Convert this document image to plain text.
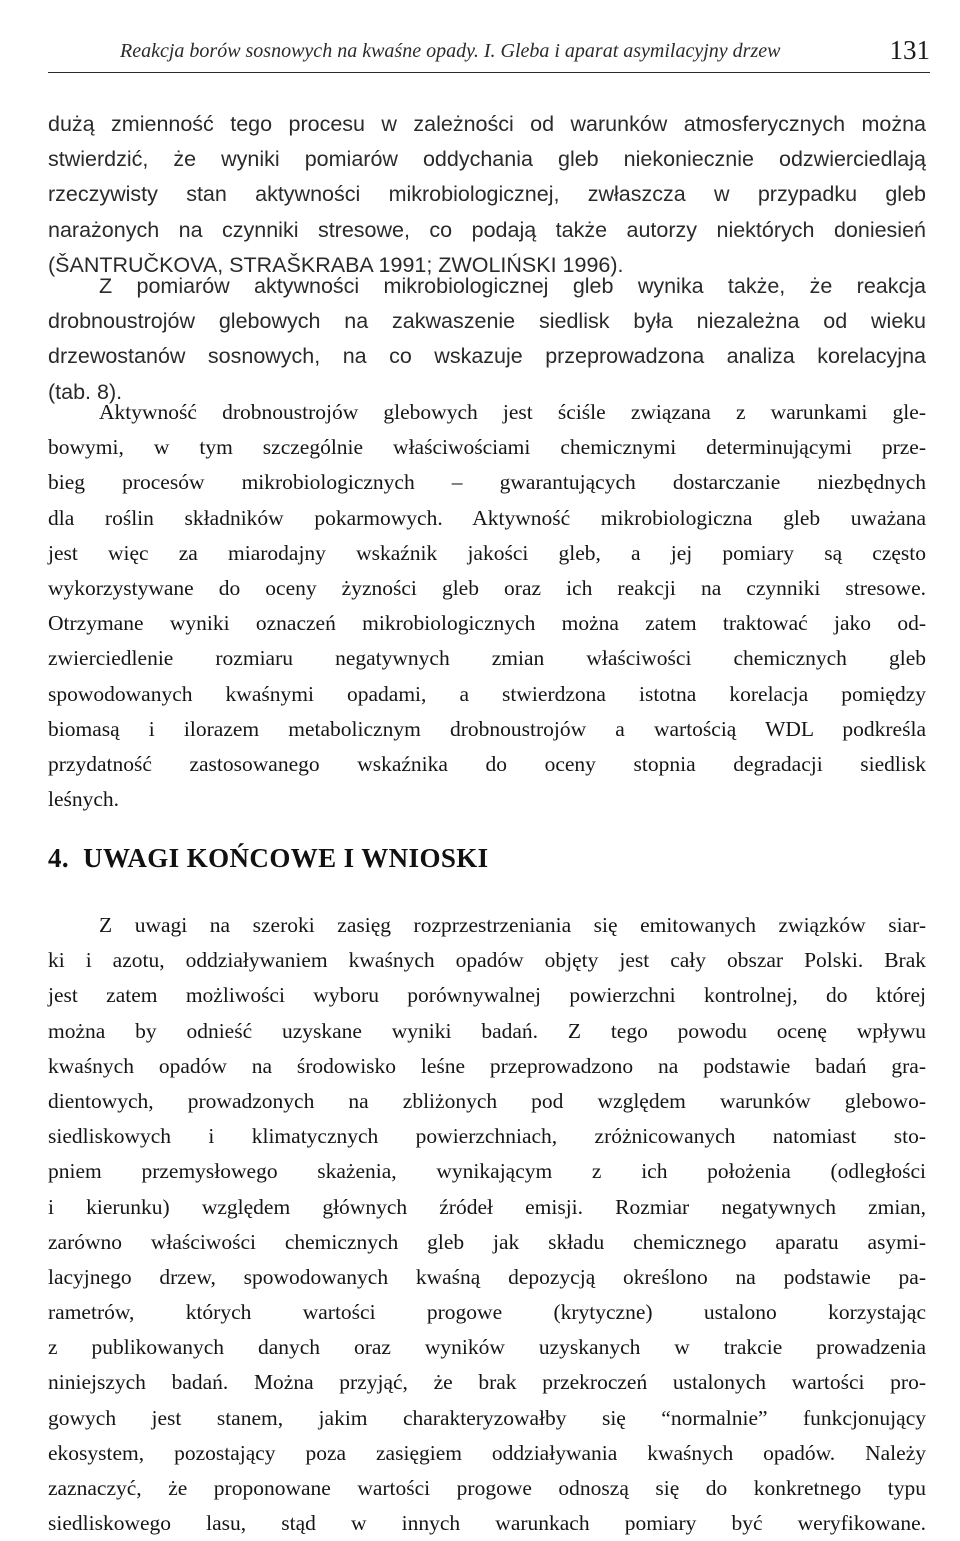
Reakcja borów sosnowych na kwaśne opady. I. Gleba i aparat asymilacyjny drzew	131
dużą zmienność tego procesu w zależności od warunków atmosferycznych można
stwierdzić, że wyniki pomiarów oddychania gleb niekoniecznie odzwierciedlają
rzeczywisty stan aktywności mikrobiologicznej, zwłaszcza w przypadku gleb
narażonych na czynniki stresowe, co podają także autorzy niektórych doniesień
(ŠANTRUČKOVA, STRAŠKRABA 1991; ZWOLIŃSKI 1996).
Z pomiarów aktywności mikrobiologicznej gleb wynika także, że reakcja
drobnoustrojów glebowych na zakwaszenie siedlisk była niezależna od wieku
drzewostanów sosnowych, na co wskazuje przeprowadzona analiza korelacyjna
(tab. 8).
Aktywność drobnoustrojów glebowych jest ściśle związana z warunkami gle-
bowymi, w tym szczególnie właściwościami chemicznymi determinującymi prze-
bieg procesów mikrobiologicznych – gwarantujących dostarczanie niezbędnych
dla roślin składników pokarmowych. Aktywność mikrobiologiczna gleb uważana
jest więc za miarodajny wskaźnik jakości gleb, a jej pomiary są często
wykorzystywane do oceny żyzności gleb oraz ich reakcji na czynniki stresowe.
Otrzymane wyniki oznaczeń mikrobiologicznych można zatem traktować jako od-
zwierciedlenie rozmiaru negatywnych zmian właściwości chemicznych gleb
spowodowanych kwaśnymi opadami, a stwierdzona istotna korelacja pomiędzy
biomasą i ilorazem metabolicznym drobnoustrojów a wartością WDL podkreśla
przydatność zastosowanego wskaźnika do oceny stopnia degradacji siedlisk
leśnych.
4. UWAGI KOŃCOWE I WNIOSKI
Z uwagi na szeroki zasięg rozprzestrzeniania się emitowanych związków siar-
ki i azotu, oddziaływaniem kwaśnych opadów objęty jest cały obszar Polski. Brak
jest zatem możliwości wyboru porównywalnej powierzchni kontrolnej, do której
można by odnieść uzyskane wyniki badań. Z tego powodu ocenę wpływu
kwaśnych opadów na środowisko leśne przeprowadzono na podstawie badań gra-
dientowych, prowadzonych na zbliżonych pod względem warunków glebowo-
siedliskowych i klimatycznych powierzchniach, zróżnicowanych natomiast sto-
pniem przemysłowego skażenia, wynikającym z ich położenia (odległości
i kierunku) względem głównych źródeł emisji. Rozmiar negatywnych zmian,
zarówno właściwości chemicznych gleb jak składu chemicznego aparatu asymi-
lacyjnego drzew, spowodowanych kwaśną depozycją określono na podstawie pa-
rametrów, których wartości progowe (krytyczne) ustalono korzystając
z publikowanych danych oraz wyników uzyskanych w trakcie prowadzenia
niniejszych badań. Można przyjąć, że brak przekroczeń ustalonych wartości pro-
gowych jest stanem, jakim charakteryzowałby się “normalnie” funkcjonujący
ekosystem, pozostający poza zasięgiem oddziaływania kwaśnych opadów. Należy
zaznaczyć, że proponowane wartości progowe odnoszą się do konkretnego typu
siedliskowego lasu, stąd w innych warunkach pomiary być weryfikowane.
